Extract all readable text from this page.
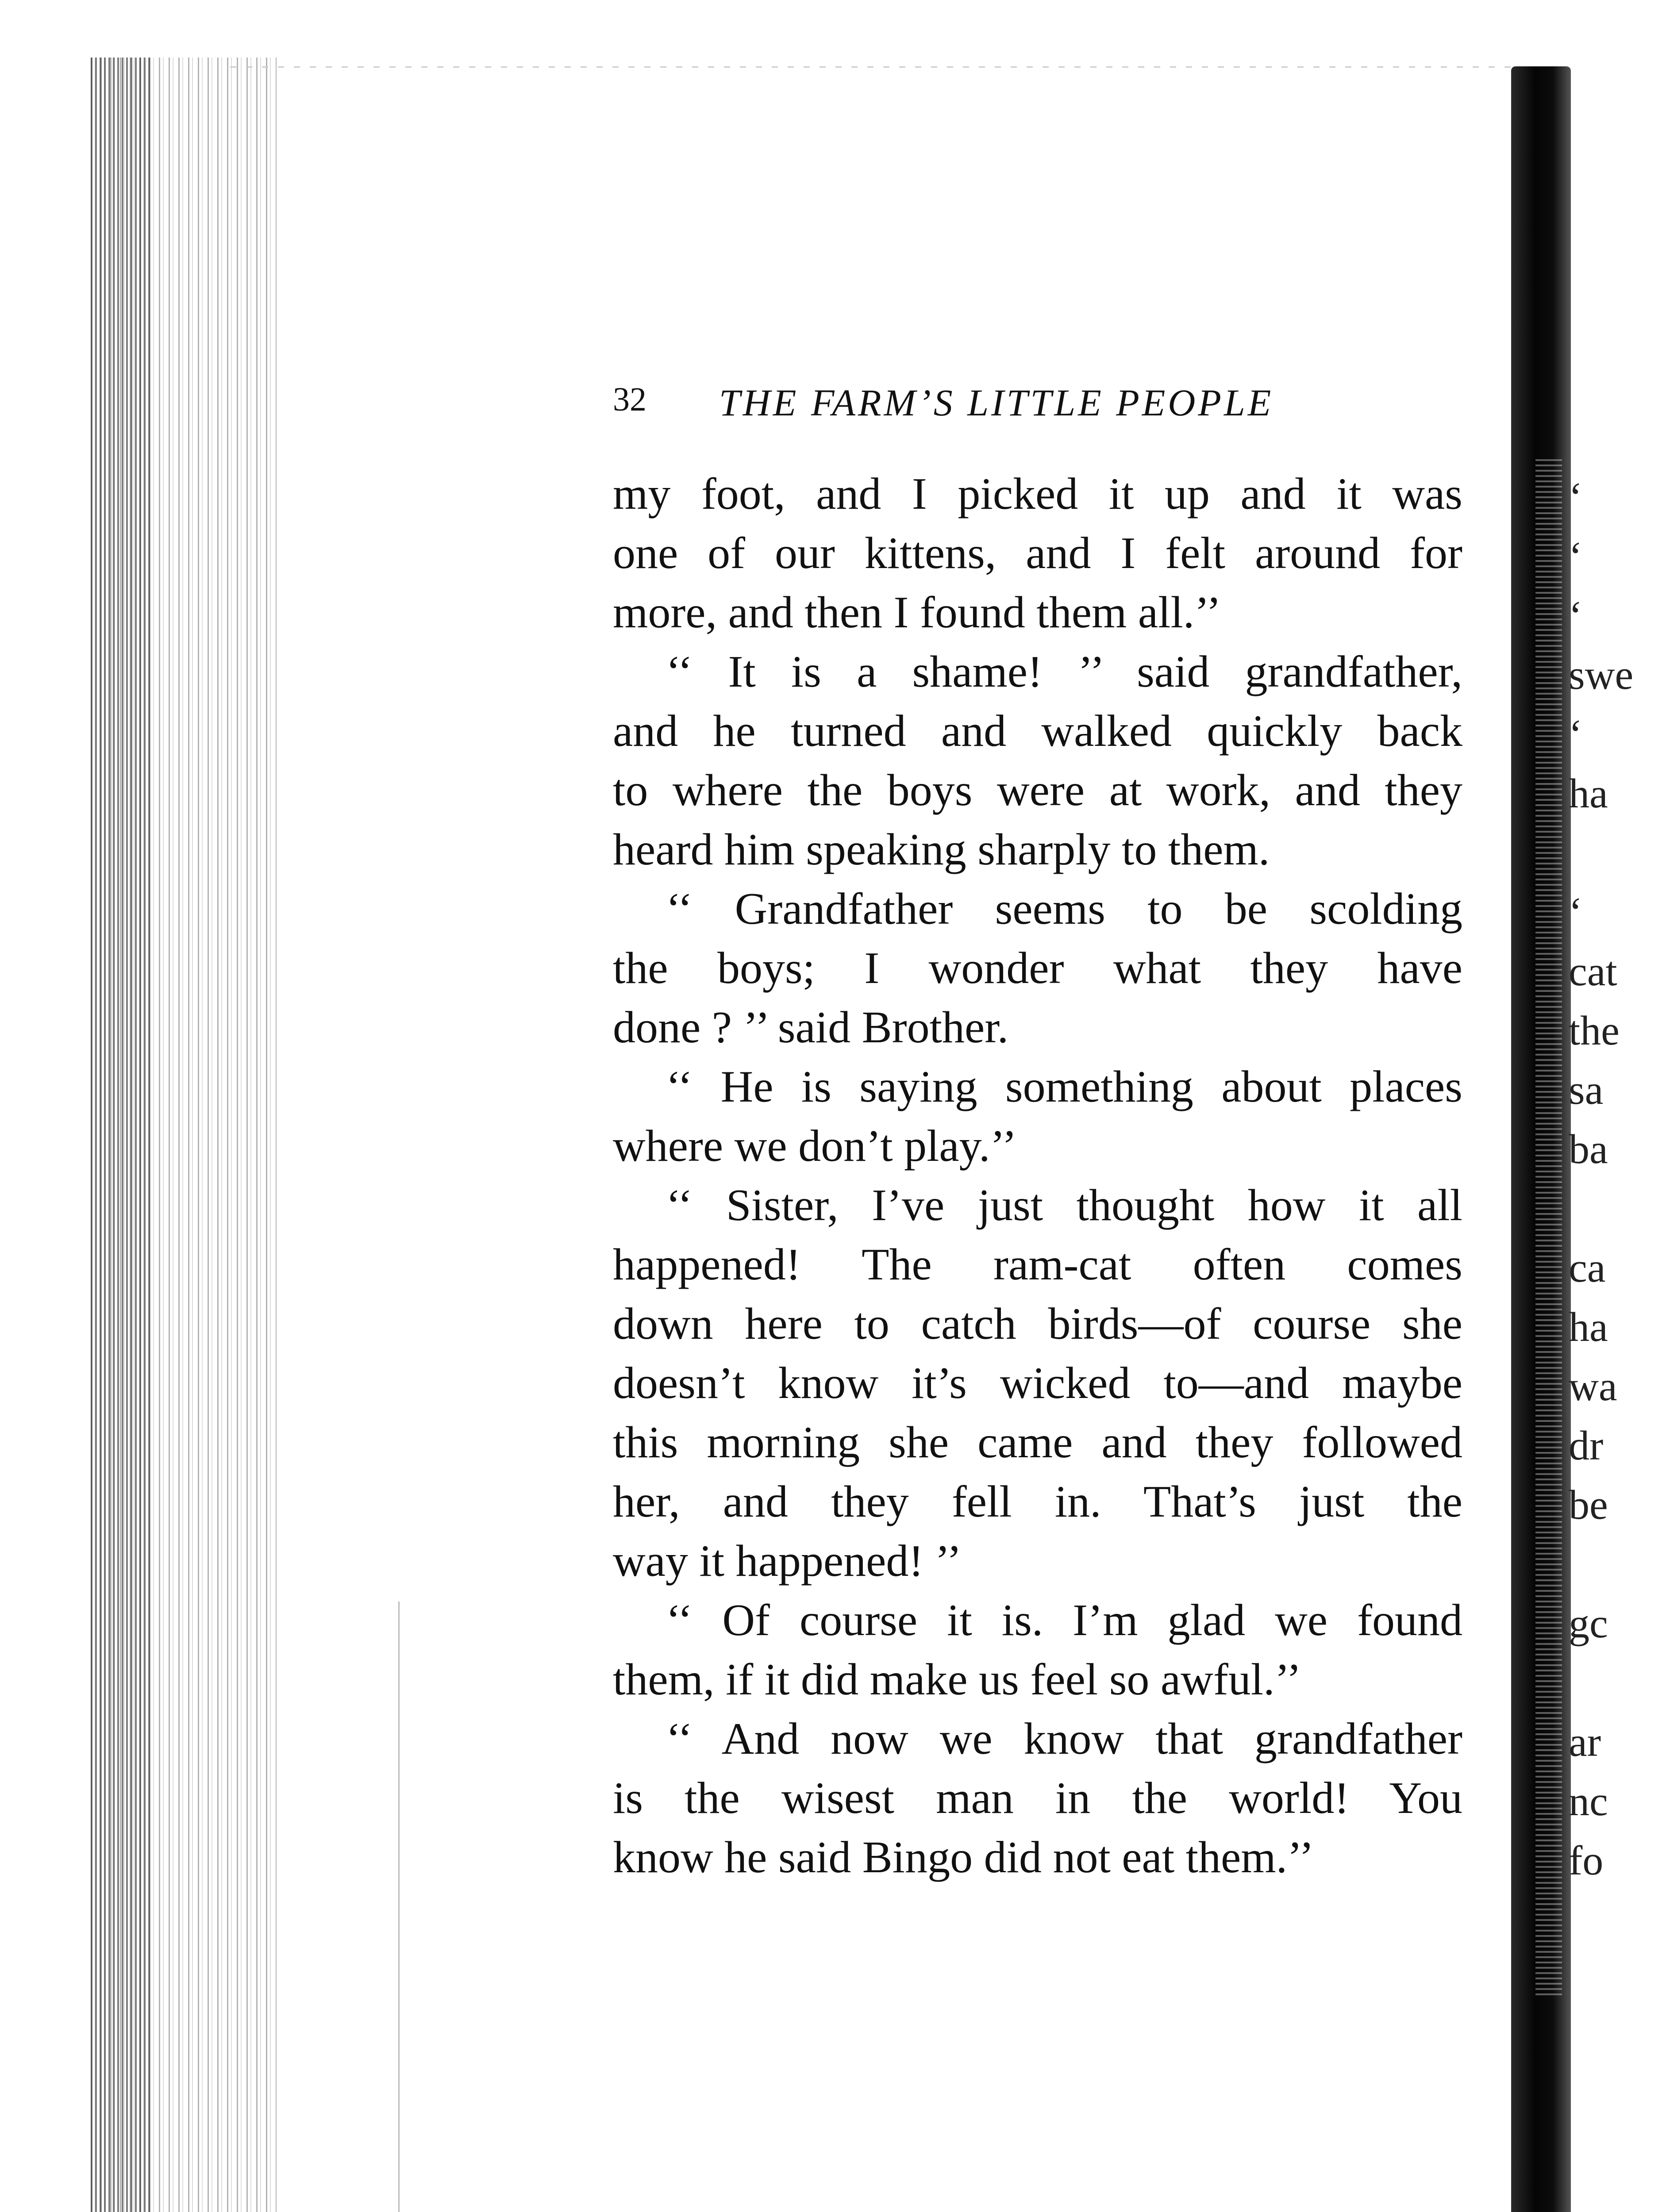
32 THE FARM’S LITTLE PEOPLE
my foot, and I picked it up and it was
one of our kittens, and I felt around for
more, and then I found them all.’’
‘‘ It is a shame! ’’ said grandfather,
and he turned and walked quickly back
to where the boys were at work, and they
heard him speaking sharply to them.
‘‘ Grandfather seems to be scolding
the boys; I wonder what they have
done ? ’’ said Brother.
‘‘ He is saying something about places
where we don’t play.’’
‘‘ Sister, I’ve just thought how it all
happened! The ram-cat often comes
down here to catch birds—of course she
doesn’t know it’s wicked to—and maybe
this morning she came and they followed
her, and they fell in. That’s just the
way it happened! ’’
‘‘ Of course it is. I’m glad we found
them, if it did make us feel so awful.’’
‘‘ And now we know that grandfather
is the wisest man in the world! You
know he said Bingo did not eat them.’’
‘
‘
‘
swe
‘
ha
‘
cat
the
sa
ba
ca
ha
wa
dr
be
gc
ar
nc
fo
